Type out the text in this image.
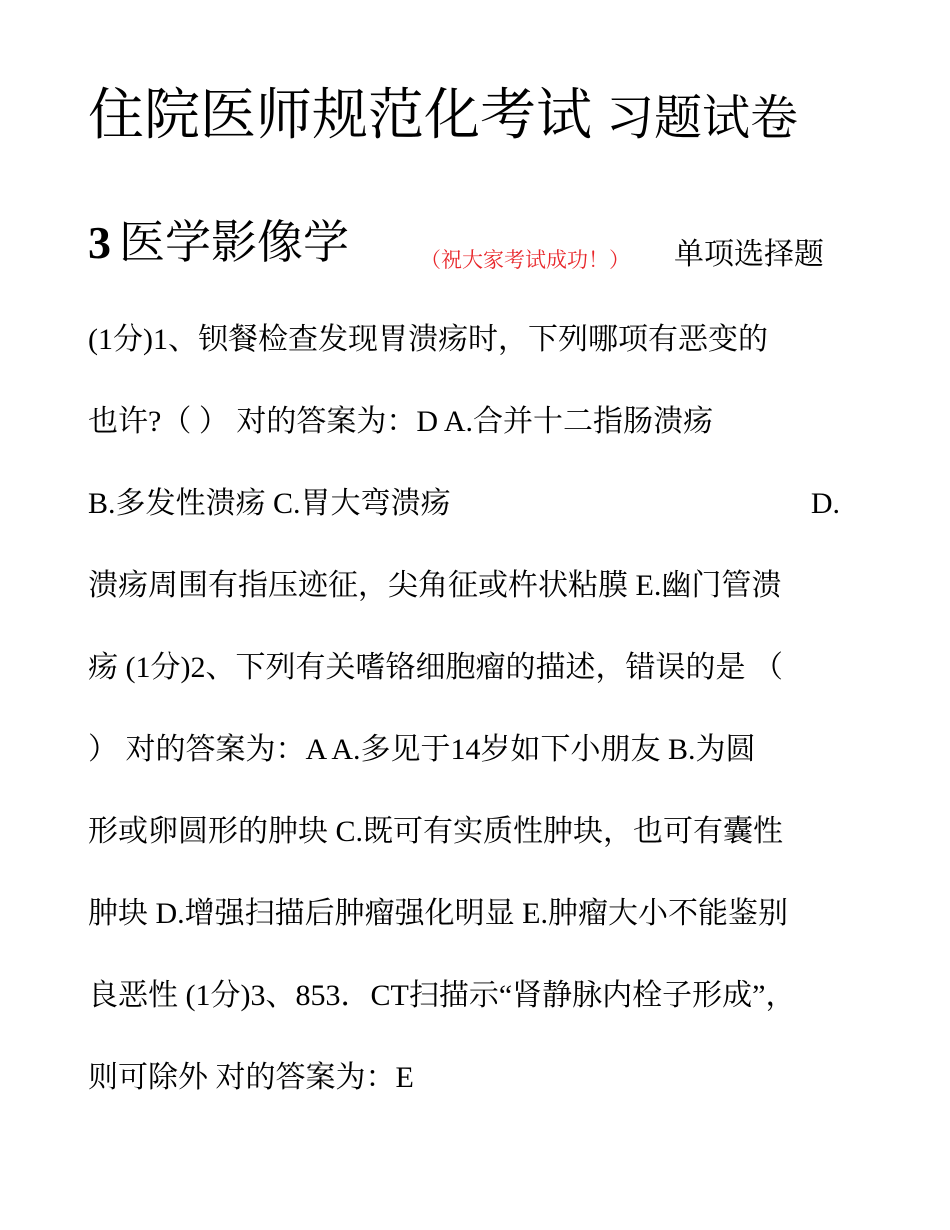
住院医师规范化考试 习题试卷
3 医学影像学	（祝大家考试成功！） 单项选择题
(1分)1、钡餐检查发现胃溃疡时，下列哪项有恶变的
也许?（ ） 对的答案为：D A.合并十二指肠溃疡
B.多发性溃疡 C.胃大弯溃疡	D.
溃疡周围有指压迹征，尖角征或杵状粘膜 E.幽门管溃
疡 (1分)2、下列有关嗜铬细胞瘤的描述，错误的是 （
） 对的答案为：A A.多见于14岁如下小朋友 B.为圆
形或卵圆形的肿块 C.既可有实质性肿块，也可有囊性
肿块 D.增强扫描后肿瘤强化明显 E.肿瘤大小不能鉴别
良恶性 (1分)3、853．CT扫描示“肾静脉内栓子形成”，
则可除外 对的答案为：E
